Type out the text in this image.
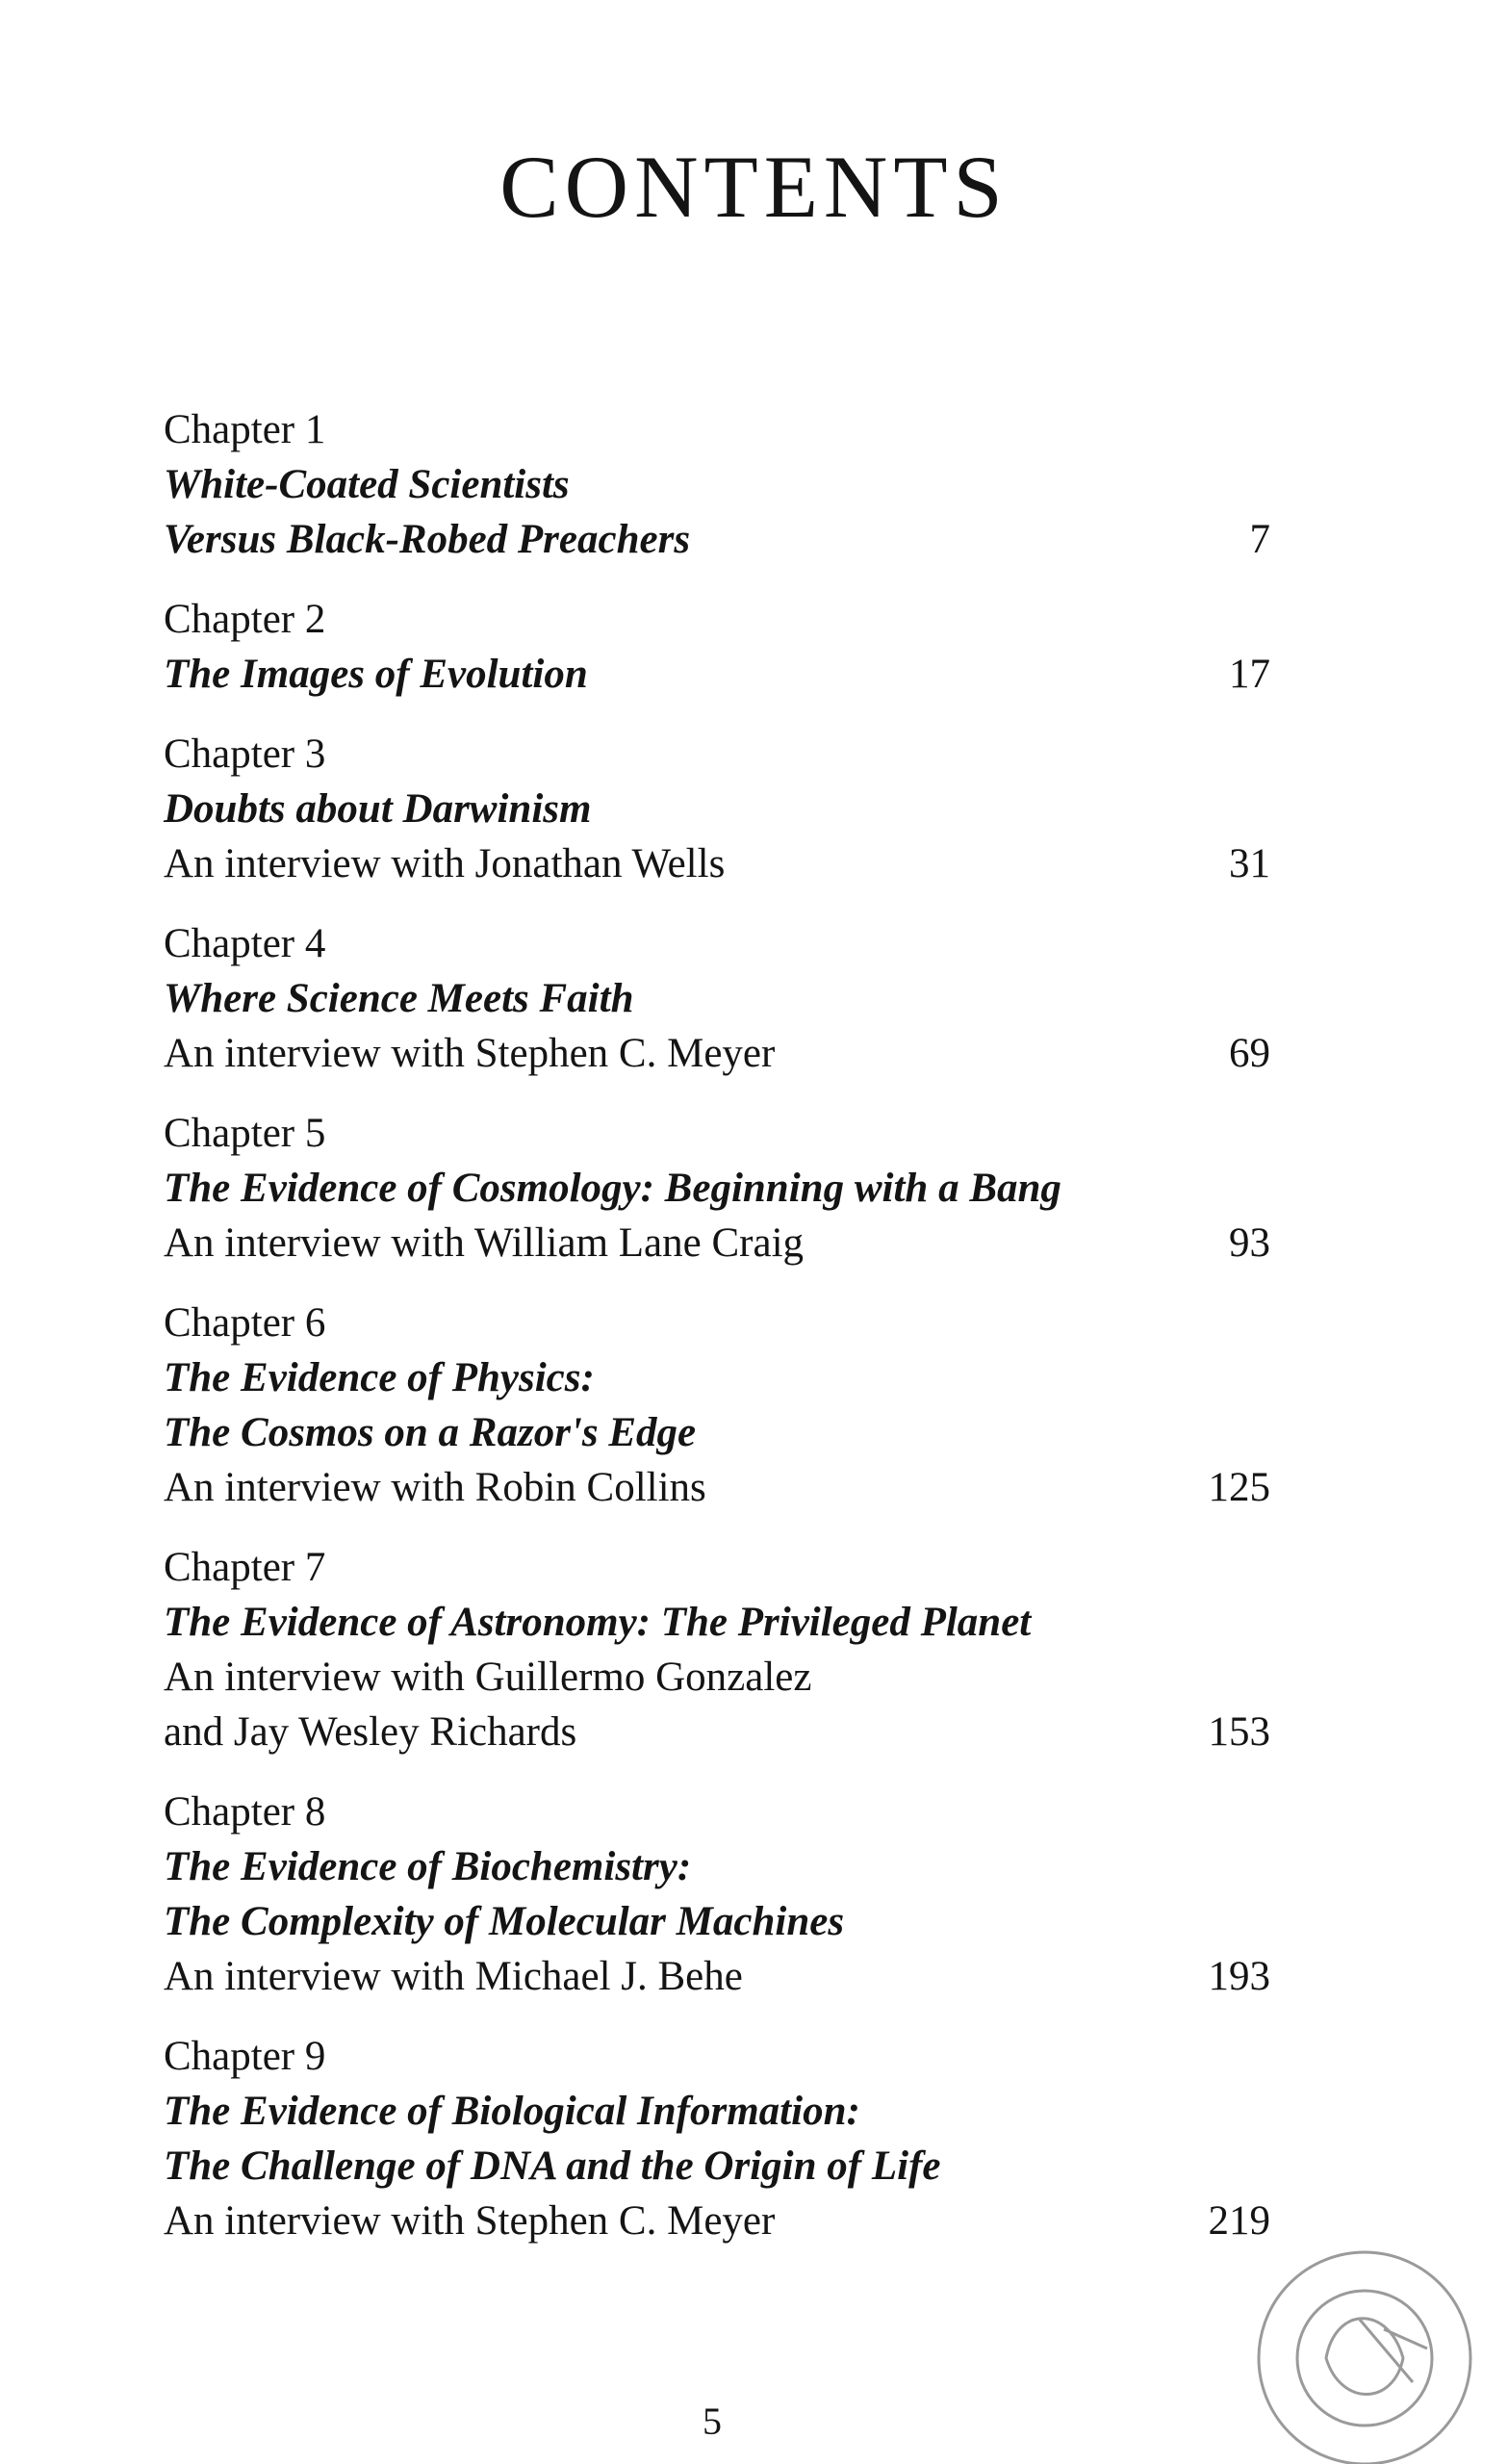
CONTENTS
Chapter 1
White-Coated Scientists
Versus Black-Robed Preachers	7
Chapter 2
The Images of Evolution	17
Chapter 3
Doubts about Darwinism
An interview with Jonathan Wells	31
Chapter 4
Where Science Meets Faith
An interview with Stephen C. Meyer	69
Chapter 5
The Evidence of Cosmology: Beginning with a Bang
An interview with William Lane Craig	93
Chapter 6
The Evidence of Physics:
The Cosmos on a Razor's Edge
An interview with Robin Collins	125
Chapter 7
The Evidence of Astronomy: The Privileged Planet
An interview with Guillermo Gonzalez
and Jay Wesley Richards	153
Chapter 8
The Evidence of Biochemistry:
The Complexity of Molecular Machines
An interview with Michael J. Behe	193
Chapter 9
The Evidence of Biological Information:
The Challenge of DNA and the Origin of Life
An interview with Stephen C. Meyer	219
5
